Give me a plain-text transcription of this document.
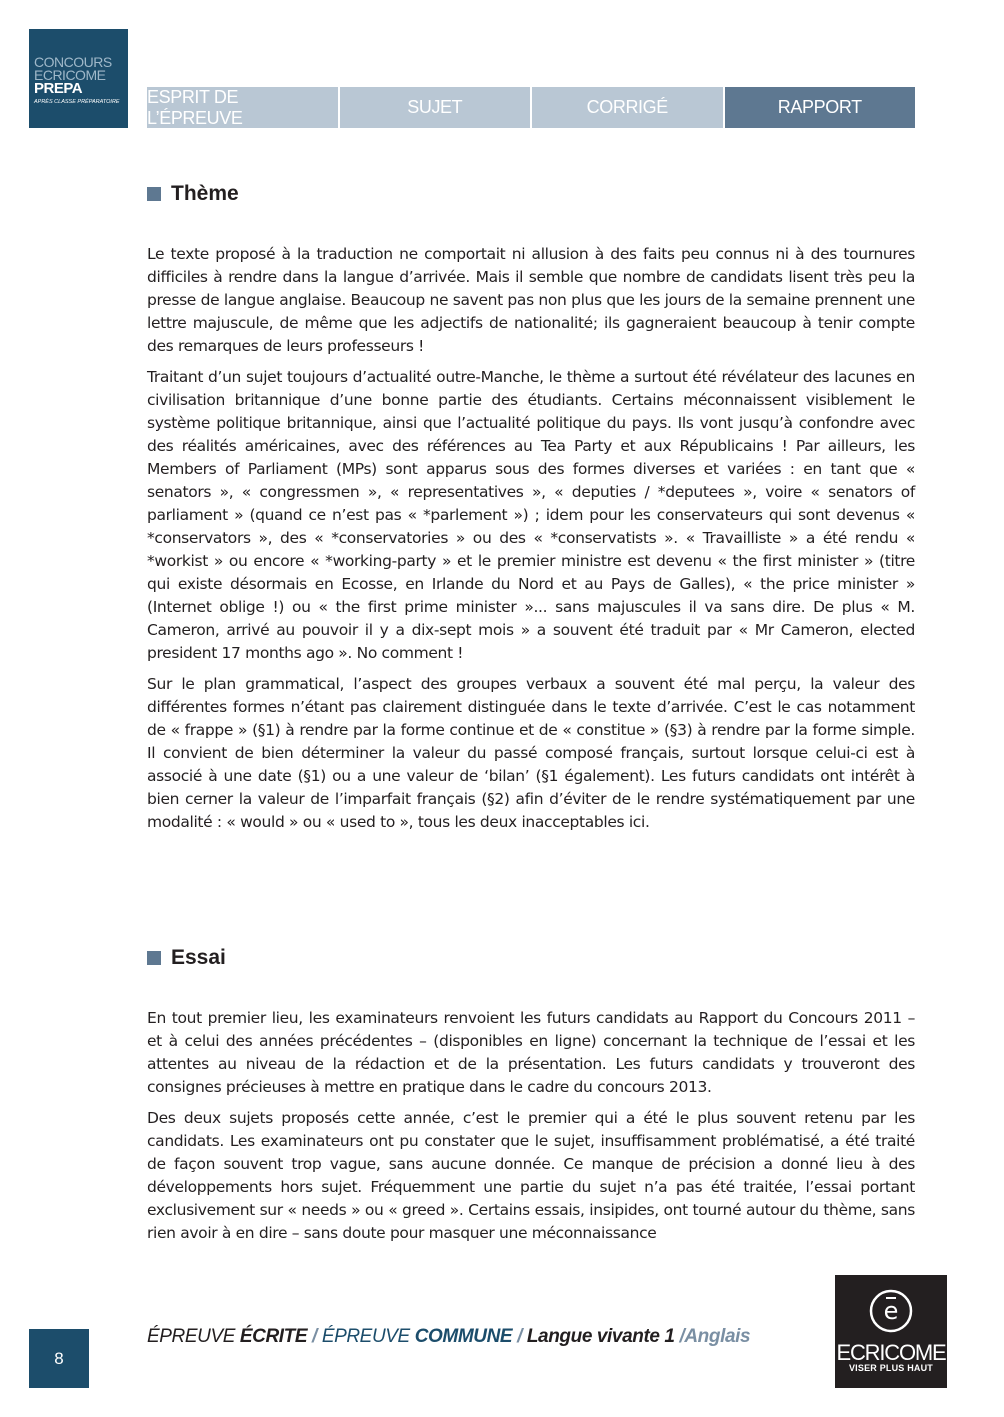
CONCOURS
ECRICOME
PREPA
APRÈS CLASSE PRÉPARATOIRE	ESPRIT DE L’ÉPREUVE
SUJET	CORRIGÉ	RAPPORT
Thème

Le texte proposé à la traduction ne comportait ni allusion à des faits peu connus ni à des tournures difficiles à rendre dans la langue d’arrivée. Mais il semble que nombre de candidats lisent très peu la presse de langue anglaise. Beaucoup ne savent pas non plus que les jours de la semaine prennent une lettre majuscule, de même que les adjectifs de nationalité; ils gagneraient beaucoup à tenir compte des remarques de leurs professeurs !

Traitant d’un sujet toujours d’actualité outre-Manche, le thème a surtout été révélateur des lacunes en civilisation britannique d’une bonne partie des étudiants. Certains méconnaissent visiblement le système politique britannique, ainsi que l’actualité politique du pays. Ils vont jusqu’à confondre avec des réalités américaines, avec des références au Tea Party et aux Républicains ! Par ailleurs, les Members of Parliament (MPs) sont apparus sous des formes diverses et variées : en tant que « senators », « congressmen », « representatives », « deputies / *deputees », voire « senators of parliament » (quand ce n’est pas « *parlement ») ; idem pour les conservateurs qui sont devenus « *conservators », des « *conservatories » ou des « *conservatists ». « Travailliste » a été rendu « *workist » ou encore « *working-party » et le premier ministre est devenu « the first minister » (titre qui existe désormais en Ecosse, en Irlande du Nord et au Pays de Galles), « the price minister » (Internet oblige !) ou « the first prime minister »... sans majuscules il va sans dire. De plus « M. Cameron, arrivé au pouvoir il y a dix-sept mois » a souvent été traduit par « Mr Cameron, elected president 17 months ago ». No comment !

Sur le plan grammatical, l’aspect des groupes verbaux a souvent été mal perçu, la valeur des différentes formes n’étant pas clairement distinguée dans le texte d’arrivée. C’est le cas notamment de « frappe » (§1) à rendre par la forme continue et de « constitue » (§3) à rendre par la forme simple. Il convient de bien déterminer la valeur du passé composé français, surtout lorsque celui-ci est à associé à une date (§1) ou a une valeur de ‘bilan’ (§1 également). Les futurs candidats ont intérêt à bien cerner la valeur de l’imparfait français (§2) afin d’éviter de le rendre systématiquement par une modalité : « would » ou « used to », tous les deux inacceptables ici.

Essai

En tout premier lieu, les examinateurs renvoient les futurs candidats au Rapport du Concours 2011 – et à celui des années précédentes – (disponibles en ligne) concernant la technique de l’essai et les attentes au niveau de la rédaction et de la présentation. Les futurs candidats y trouveront des consignes précieuses à mettre en pratique dans le cadre du concours 2013.

Des deux sujets proposés cette année, c’est le premier qui a été le plus souvent retenu par les candidats. Les examinateurs ont pu constater que le sujet, insuffisamment problématisé, a été traité de façon souvent trop vague, sans aucune donnée. Ce manque de précision a donné lieu à des développements hors sujet. Fréquemment une partie du sujet n’a pas été traitée, l’essai portant exclusivement sur « needs » ou « greed ». Certains essais, insipides, ont tourné autour du thème, sans rien avoir à en dire – sans doute pour masquer une méconnaissance

8
ÉPREUVE ÉCRITE / ÉPREUVE COMMUNE / Langue vivante 1 /Anglais
e
ECRICOME
VISER PLUS HAUT
